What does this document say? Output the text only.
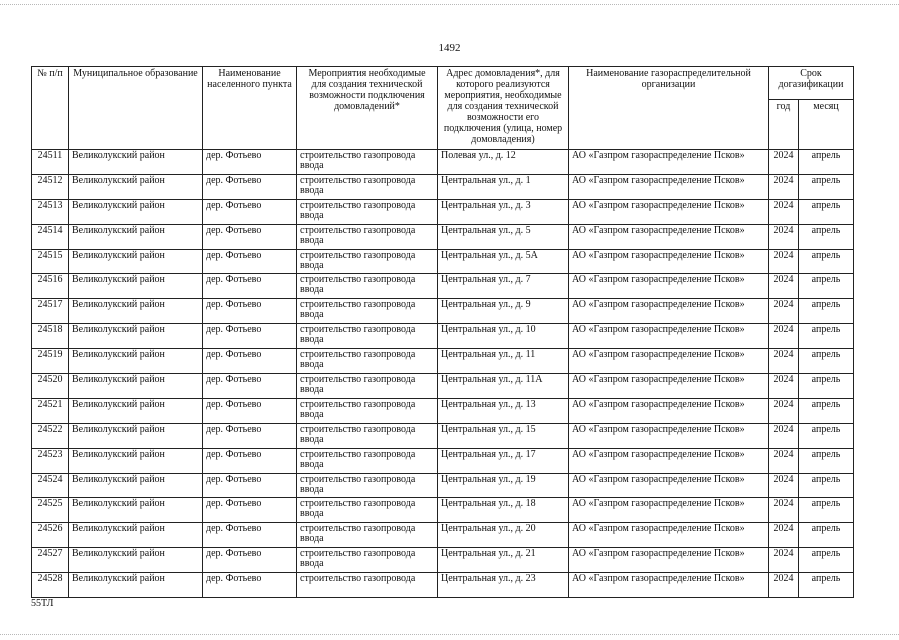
1492
№ п/п	Муниципальное образование	Наименование населенного пункта	Мероприятия необходимые для создания технической возможности подключения домовладений*	Адрес домовладения*, для которого реализуются мероприятия, необходимые для создания технической возможности его подключения (улица, номер домовладения)	Наименование газораспределительной организации	Срок догазификации	
						год	месяц
24511	Великолукский район	дер. Фотьево	строительство газопровода ввода	Полевая ул., д. 12	АО «Газпром газораспределение Псков»	2024	апрель
24512	Великолукский район	дер. Фотьево	строительство газопровода ввода	Центральная ул., д. 1	АО «Газпром газораспределение Псков»	2024	апрель
24513	Великолукский район	дер. Фотьево	строительство газопровода ввода	Центральная ул., д. 3	АО «Газпром газораспределение Псков»	2024	апрель
24514	Великолукский район	дер. Фотьево	строительство газопровода ввода	Центральная ул., д. 5	АО «Газпром газораспределение Псков»	2024	апрель
24515	Великолукский район	дер. Фотьево	строительство газопровода ввода	Центральная ул., д. 5А	АО «Газпром газораспределение Псков»	2024	апрель
24516	Великолукский район	дер. Фотьево	строительство газопровода ввода	Центральная ул., д. 7	АО «Газпром газораспределение Псков»	2024	апрель
24517	Великолукский район	дер. Фотьево	строительство газопровода ввода	Центральная ул., д. 9	АО «Газпром газораспределение Псков»	2024	апрель
24518	Великолукский район	дер. Фотьево	строительство газопровода ввода	Центральная ул., д. 10	АО «Газпром газораспределение Псков»	2024	апрель
24519	Великолукский район	дер. Фотьево	строительство газопровода ввода	Центральная ул., д. 11	АО «Газпром газораспределение Псков»	2024	апрель
24520	Великолукский район	дер. Фотьево	строительство газопровода ввода	Центральная ул., д. 11А	АО «Газпром газораспределение Псков»	2024	апрель
24521	Великолукский район	дер. Фотьево	строительство газопровода ввода	Центральная ул., д. 13	АО «Газпром газораспределение Псков»	2024	апрель
24522	Великолукский район	дер. Фотьево	строительство газопровода ввода	Центральная ул., д. 15	АО «Газпром газораспределение Псков»	2024	апрель
24523	Великолукский район	дер. Фотьево	строительство газопровода ввода	Центральная ул., д. 17	АО «Газпром газораспределение Псков»	2024	апрель
24524	Великолукский район	дер. Фотьево	строительство газопровода ввода	Центральная ул., д. 19	АО «Газпром газораспределение Псков»	2024	апрель
24525	Великолукский район	дер. Фотьево	строительство газопровода ввода	Центральная ул., д. 18	АО «Газпром газораспределение Псков»	2024	апрель
24526	Великолукский район	дер. Фотьево	строительство газопровода ввода	Центральная ул., д. 20	АО «Газпром газораспределение Псков»	2024	апрель
24527	Великолукский район	дер. Фотьево	строительство газопровода ввода	Центральная ул., д. 21	АО «Газпром газораспределение Псков»	2024	апрель
24528	Великолукский район	дер. Фотьево	строительство газопровода	Центральная ул., д. 23	АО «Газпром газораспределение Псков»	2024	апрель
55ТЛ
